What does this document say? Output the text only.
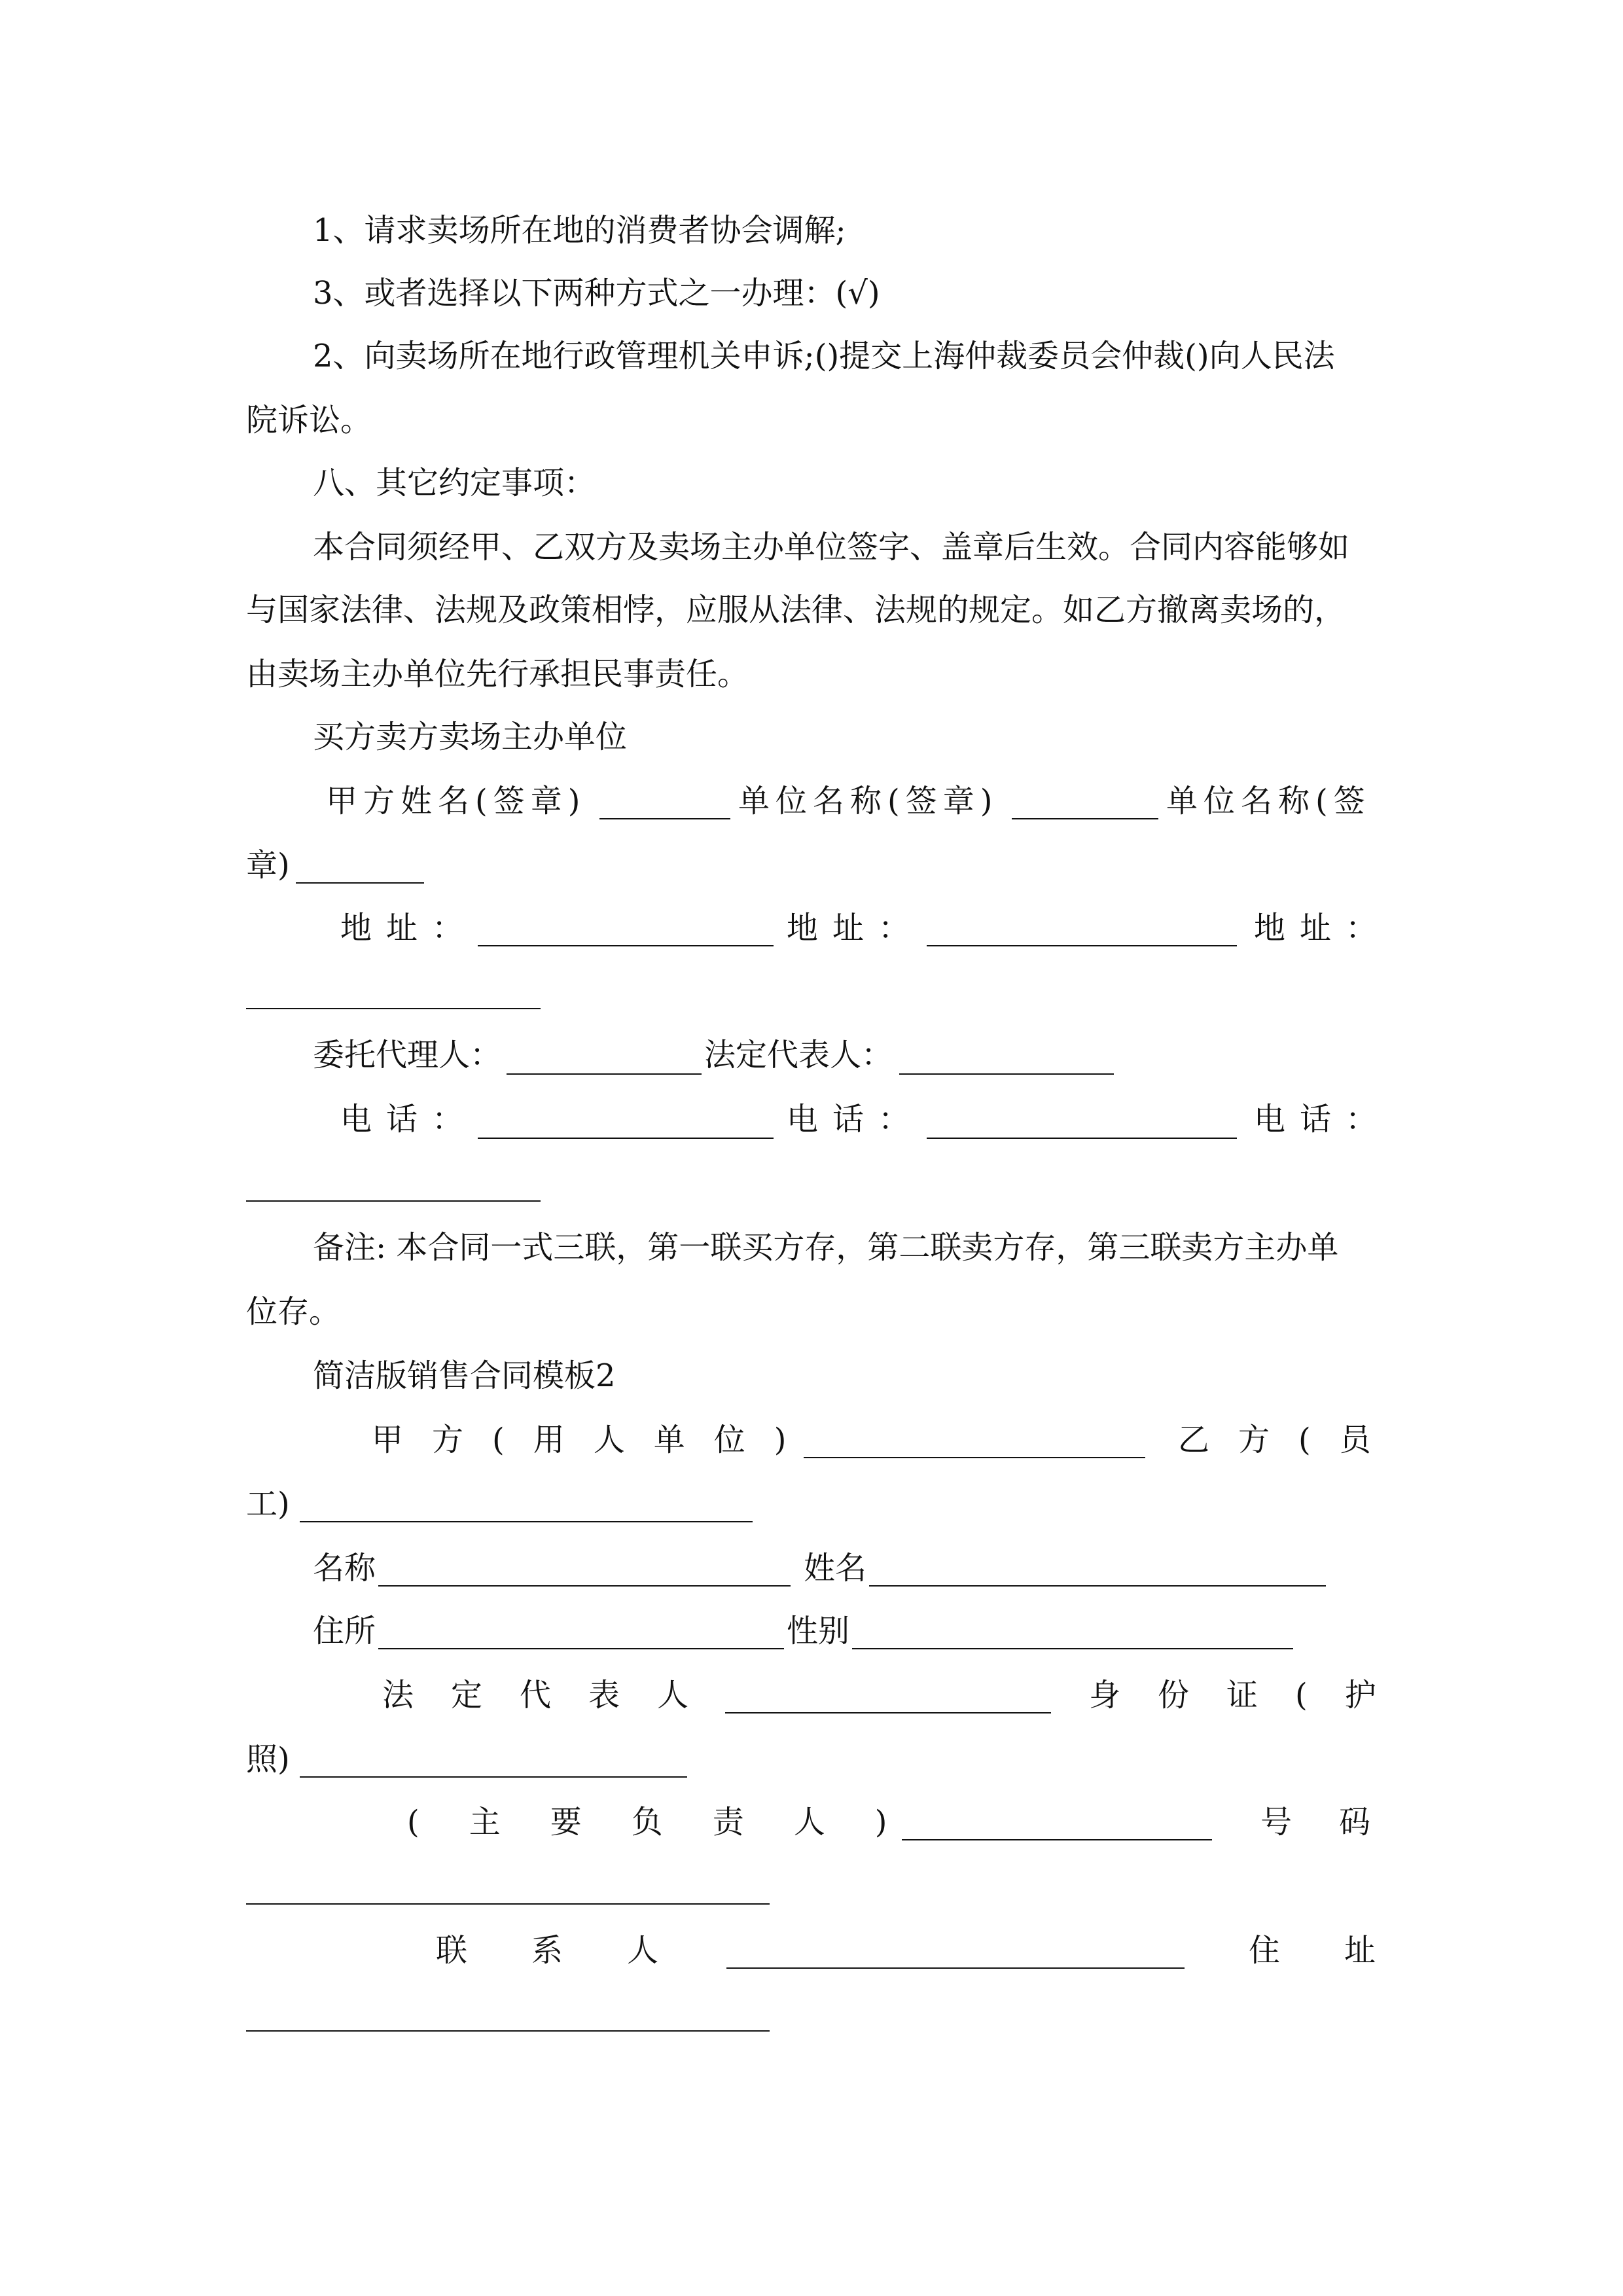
1、请求卖场所在地的消费者协会调解;
3、或者选择以下两种方式之一办理：(√)
2、向卖场所在地行政管理机关申诉;()提交上海仲裁委员会仲裁()向人民法
院诉讼。
八、其它约定事项：
本合同须经甲、乙双方及卖场主办单位签字、盖章后生效。合同内容能够如
与国家法律、法规及政策相悖，应服从法律、法规的规定。如乙方撤离卖场的，
由卖场主办单位先行承担民事责任。
买方卖方卖场主办单位
甲方姓名(签章)	单位名称(签章)	单位名称(签
章)
地址：	地址：	地址：
委托代理人：	法定代表人：
电话：	电话：	电话：
备注: 本合同一式三联，第一联买方存，第二联卖方存，第三联卖方主办单
位存。
简洁版销售合同模板2
甲方(用人单位)	乙方(员
工)
名称	姓名
住所	性别
法定代表人	身份证(护
照)
(主要负责人)	号码
联系人	住址
